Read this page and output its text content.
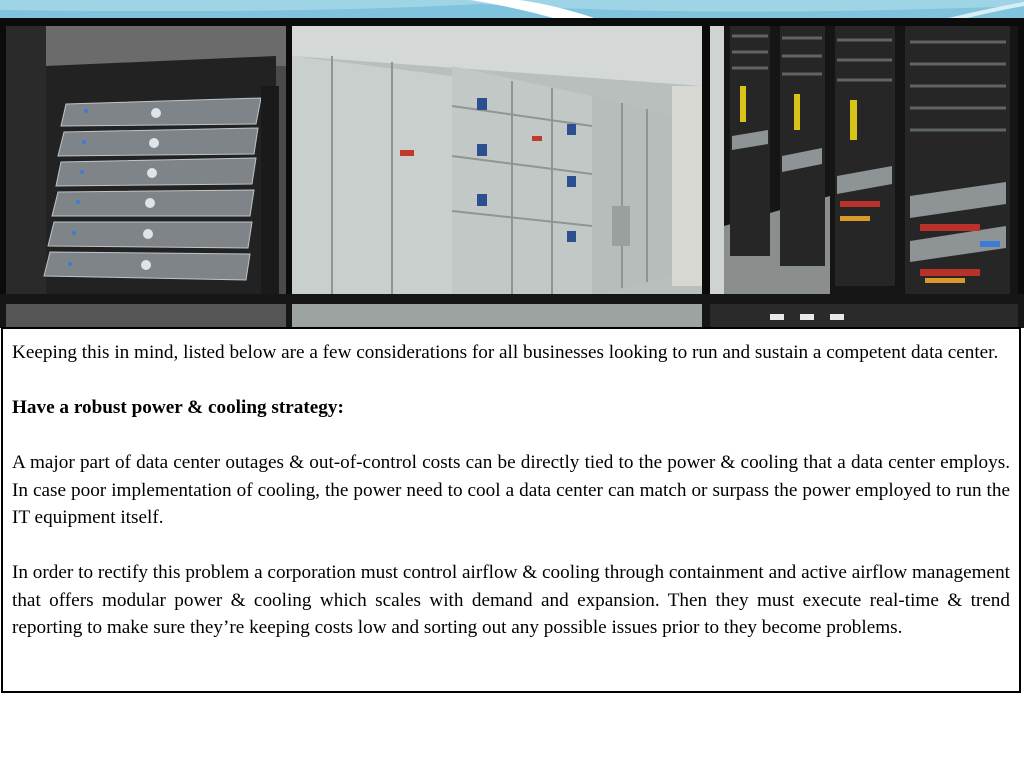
Keeping this in mind, listed below are a few considerations for all businesses looking to run and sustain a competent data center.

Have a robust power & cooling strategy:

A major part of data center outages & out-of-control costs can be directly tied to the power & cooling that a data center employs. In case poor implementation of cooling, the power need to cool a data center can match or surpass the power employed to run the IT equipment itself.

In order to rectify this problem a corporation must control airflow & cooling through containment and active airflow management that offers modular power & cooling which scales with demand and expansion. Then they must execute real-time & trend reporting to make sure they’re keeping costs low and sorting out any possible issues prior to they become problems.
